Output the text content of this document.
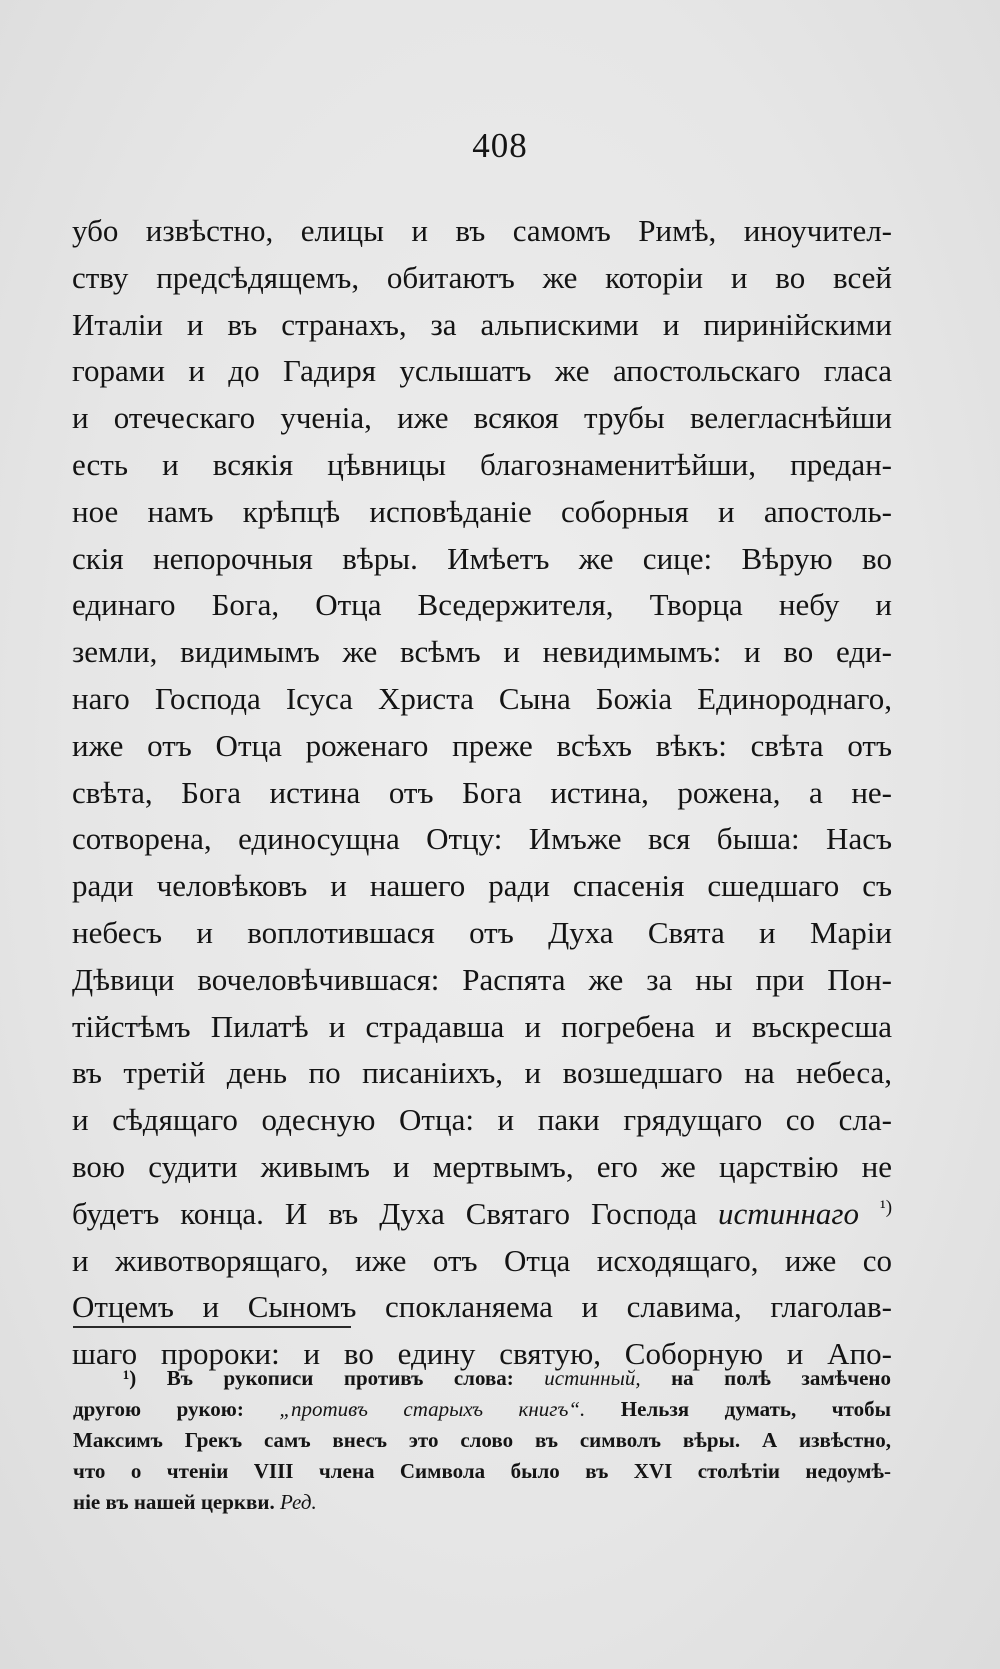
408
убо извѣстно, елицы и въ самомъ Римѣ, иноучител-
ству предсѣдящемъ, обитаютъ же которіи и во всей
Италіи и въ странахъ, за альпискими и пиринійскими
горами и до Гадиря услышатъ же апостольскаго гласа
и отеческаго ученіа, иже всякоя трубы велегласнѣйши
есть и всякія цѣвницы благознаменитѣйши, предан-
ное намъ крѣпцѣ исповѣданіе соборныя и апостоль-
скія непорочныя вѣры. Имѣетъ же сице: Вѣрую во
единаго Бога, Отца Вседержителя, Творца небу и
земли, видимымъ же всѣмъ и невидимымъ: и во еди-
наго Господа Ісуса Христа Сына Божіа Единороднаго,
иже отъ Отца роженаго преже всѣхъ вѣкъ: свѣта отъ
свѣта, Бога истина отъ Бога истина, рожена, а не-
сотворена, единосущна Отцу: Имъже вся быша: Насъ
ради человѣковъ и нашего ради спасенія сшедшаго съ
небесъ и воплотившася отъ Духа Свята и Маріи
Дѣвици вочеловѣчившася: Распята же за ны при Пон-
тійстѣмъ Пилатѣ и страдавша и погребена и въскресша
въ третій день по писаніихъ, и возшедшаго на небеса,
и сѣдящаго одесную Отца: и паки грядущаго со сла-
вою судити живымъ и мертвымъ, его же царствію не
будетъ конца. И въ Духа Святаго Господа истиннаго $^{^1)}$
и животворящаго, иже отъ Отца исходящаго, иже со
Отцемъ и Сыномъ спокланяема и славима, глаголав-
шаго пророки: и во едину святую, Соборную и Апо-
¹) Въ рукописи противъ слова: истинный, на полѣ замѣчено
другою рукою: „противъ старыхъ книгъ“. Нельзя думать, чтобы
Максимъ Грекъ самъ внесъ это слово въ символъ вѣры. А извѣстно,
что о чтеніи VIII члена Символа было въ XVI столѣтіи недоумѣ-
ніе въ нашей церкви. Ред.
